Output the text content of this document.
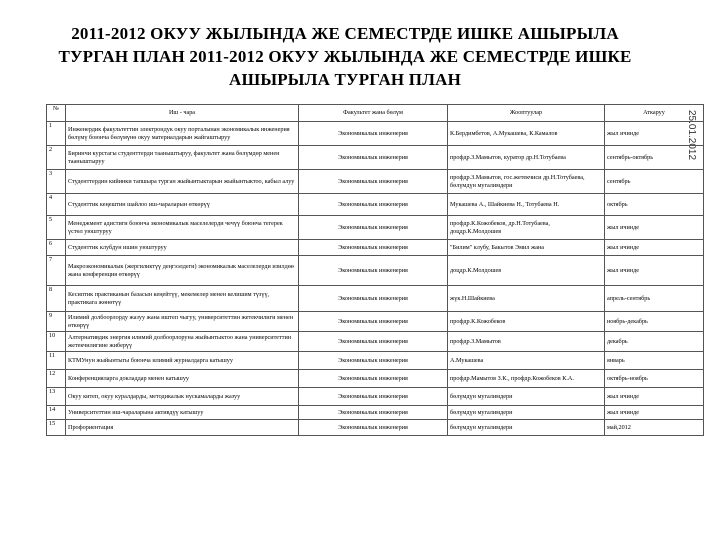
2011-2012 ОКУУ ЖЫЛЫНДА ЖЕ СЕМЕСТРДЕ ИШКЕ АШЫРЫЛА ТУРГАН ПЛАН 2011-2012 ОКУУ ЖЫЛЫНДА ЖЕ СЕМЕСТРДЕ ИШКЕ АШЫРЫЛА ТУРГАН ПЛАН
25.01.2012
№	Иш - чара	Факультет жана бөлүм	Жооптуулар	Аткаруу
1	Инженердик факультеттин электрондук окуу порталынан экономикалык инженерия бөлүмү боюнча бөлүмүнө окуу материалдарын жайгаштыруу	Экономикалык инженерия	К.Бердимбетов, А.Мукашева, К.Камалов	жыл ичинде
2	Биринчи курстагы студенттерди тааныштыруу, факультет жана бөлүмдөр менен тааныштыруу	Экономикалык инженерия	профдр.З.Мамытов, куратор др.Н.Тотубаева	сентябрь-октябрь
3	Студенттердин кийинки тапшыра турган жыйынтыктарын жыйынтыктоо, кабыл алуу	Экономикалык инженерия	профдр.З.Мамытов, гос.жетекчиси др.Н.Тотубаева, бөлүмдүн мугалимдери	сентябрь
4	Студенттик кеңештин шайлоо иш-чараларын өткөрүү	Экономикалык инженерия	Мукашева А., Шайкиева Н., Тотубаева Н.	октябрь
5	Менеджмент адистиги боюнча экономикалык маселелерди чечүү боюнча тегерек үстөл уюштуруу	Экономикалык инженерия	профдр.К.Кожобеков, др.Н.Тотубаева, доцдр.К.Молдошев	жыл ичинде
6	Студенттик клубдун ишин уюштуруу	Экономикалык инженерия	"Билим" клубу, Бакытов Эмил жана	жыл ичинде
7	Макроэкономикалык (жергиликтүү деңгээлдеги) экономикалык маселелерди изилдөө жана конференция өткөрүү	Экономикалык инженерия	доцдр.К.Молдошев	жыл ичинде
8	Кесиптик практиканын базасын кеңейтүү, мекемелер менен келишим түзүү, практикага жөнөтүү	Экономикалык инженерия	жүк.Н.Шайкиева	апрель-сентябрь
9	Илимий долбоорлорду жазуу жана иштеп чыгуу, университеттин жетекчилиги менен өткөрүү	Экономикалык инженерия	профдр.К.Кожобеков	ноябрь-декабрь
10	Алтернативдик энергия илимий долбоорлоруна жыйынтыктоо жана университеттин жетекчилигине жиберүү	Экономикалык инженерия	профдр.З.Мамытов	декабрь
11	КТМУнун жыйынтыгы боюнча илимий журналдарга катышуу	Экономикалык инженерия	А.Мукашева	январь
12	Конференцияларга докладдар менен катышуу	Экономикалык инженерия	профдр.Мамытов З.К., профдр.Кожобеков К.А.	октябрь-ноябрь
13	Окуу китеп, окуу куралдарды, методикалык нускамаларды жазуу	Экономикалык инженерия	бөлүмдүн мугалимдери	жыл ичинде
14	Университеттин иш-чараларына активдүү катышуу	Экономикалык инженерия	бөлүмдүн мугалимдери	жыл ичинде
15	Профориентация	Экономикалык инженерия	бөлүмдүн мугалимдери	май,2012
